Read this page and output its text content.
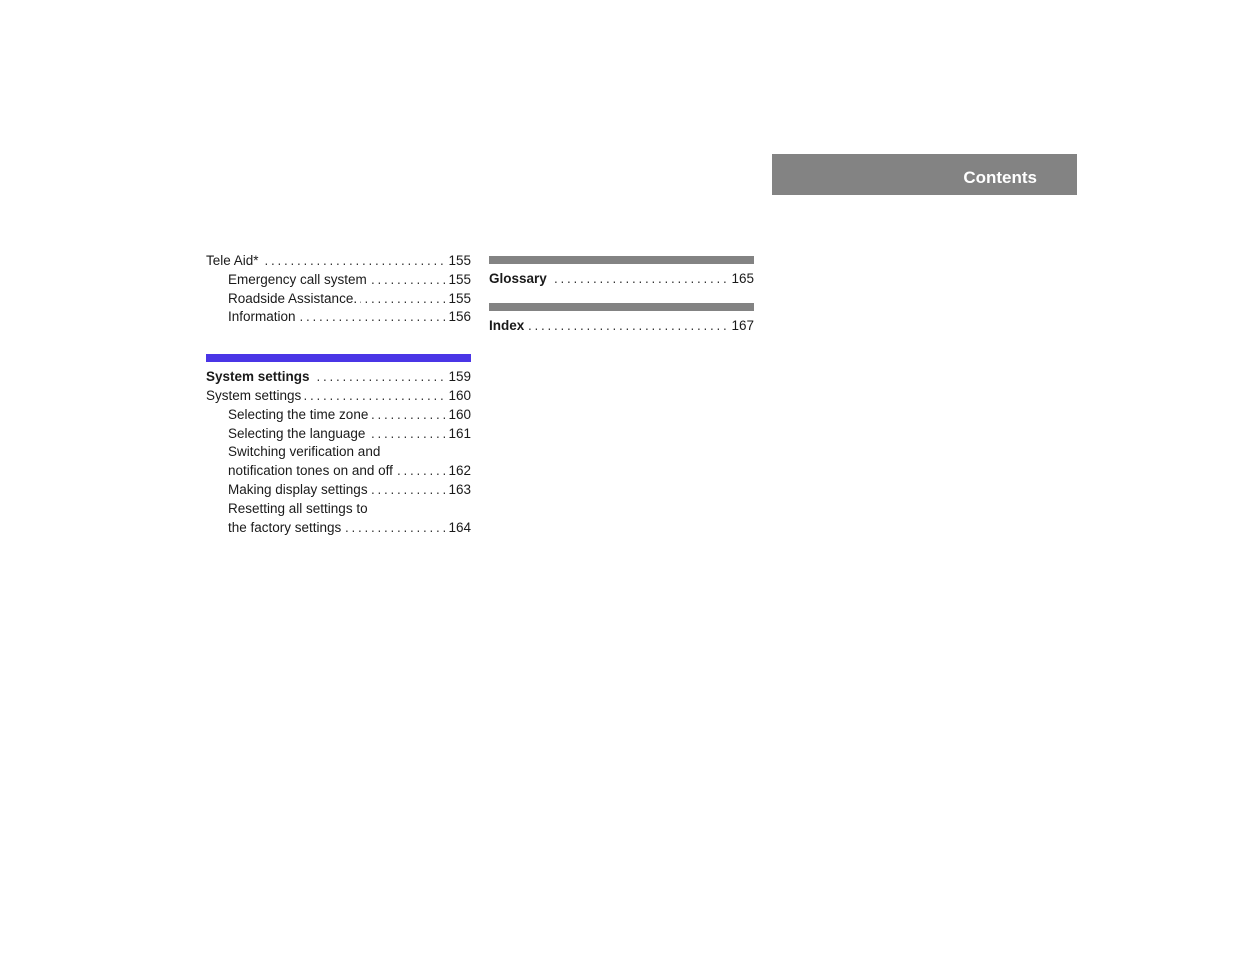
Contents
. . .
Tele Aid*	155
. . .
Emergency call system	155
. . .
Roadside Assistance.	155
. . .
Information	156
. . .
System settings	159
. . .
System settings	160
. . .
Selecting the time zone	160
. . .
Selecting the language	161
Switching verification and
. . .
notification tones on and off	162
. . .
Making display settings	163
Resetting all settings to
. . .
the factory settings	164
. . .
Glossary	165
. . .
Index	167
